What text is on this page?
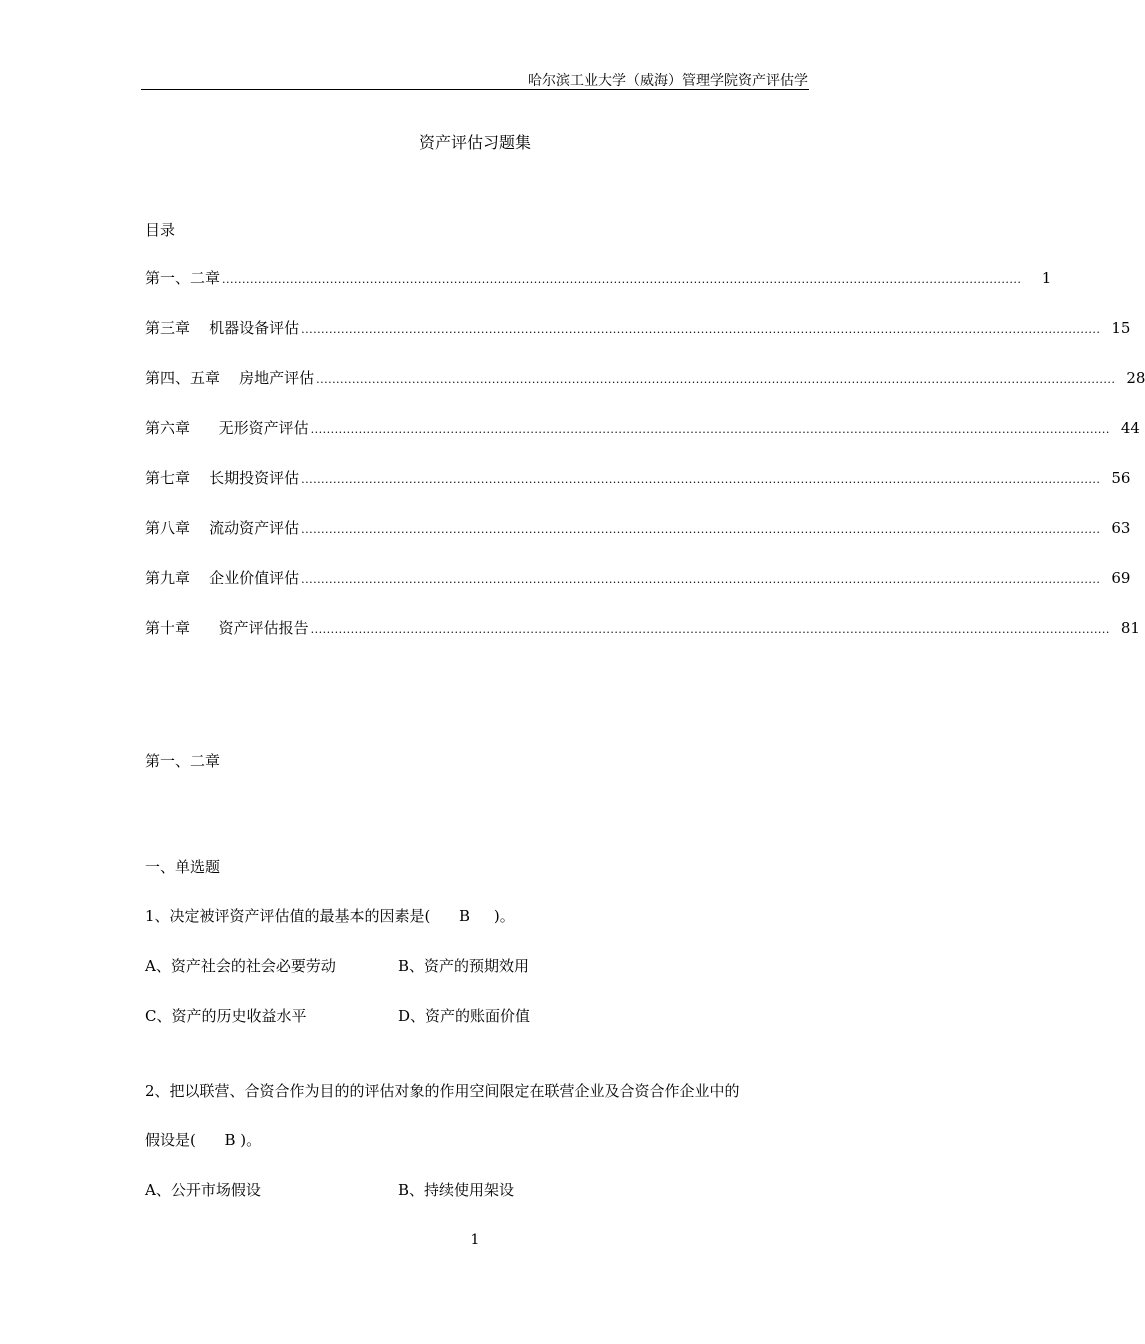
哈尔滨工业大学（威海）管理学院资产评估学
资产评估习题集
目录
第一、二章 ........................................................................................................................................................................................................	1
第三章    机器设备评估 ........................................................................................................................................................................................................ 15
第四、五章    房地产评估 ........................................................................................................................................................................................................ 28
第六章      无形资产评估 ........................................................................................................................................................................................................ 44
第七章    长期投资评估 ........................................................................................................................................................................................................ 56
第八章    流动资产评估 ........................................................................................................................................................................................................ 63
第九章    企业价值评估 ........................................................................................................................................................................................................ 69
第十章      资产评估报告 ........................................................................................................................................................................................................ 81
第一、二章
一、单选题
1、决定被评资产评估值的最基本的因素是(      B     )。
A、资产社会的社会必要劳动	B、资产的预期效用
C、资产的历史收益水平	D、资产的账面价值
2、把以联营、合资合作为目的的评估对象的作用空间限定在联营企业及合资合作企业中的
假设是(      B )。
A、公开市场假设	B、持续使用架设
1
